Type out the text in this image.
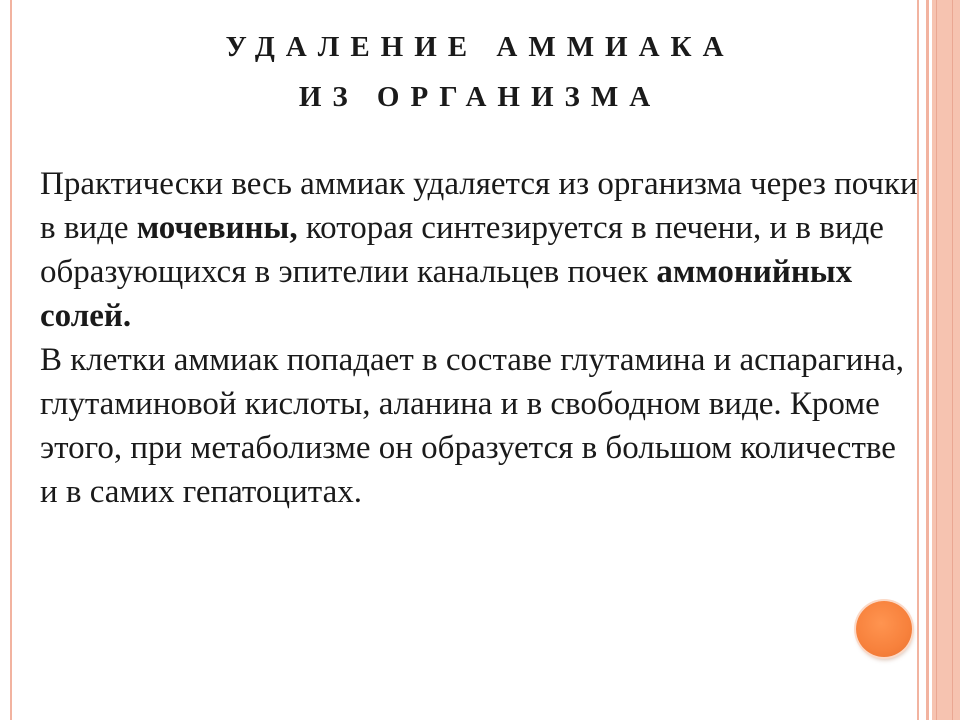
УДАЛЕНИЕ АММИАКА
ИЗ ОРГАНИЗМА
Практически весь аммиак удаляется из организма через почки в виде мочевины, которая синтезируется в печени, и в виде образующихся в эпителии канальцев почек аммонийных солей.
В клетки аммиак попадает в составе глутамина и аспарагина, глутаминовой кислоты, аланина и в свободном виде. Кроме этого, при метаболизме он образуется в большом количестве и в самих гепатоцитах.
